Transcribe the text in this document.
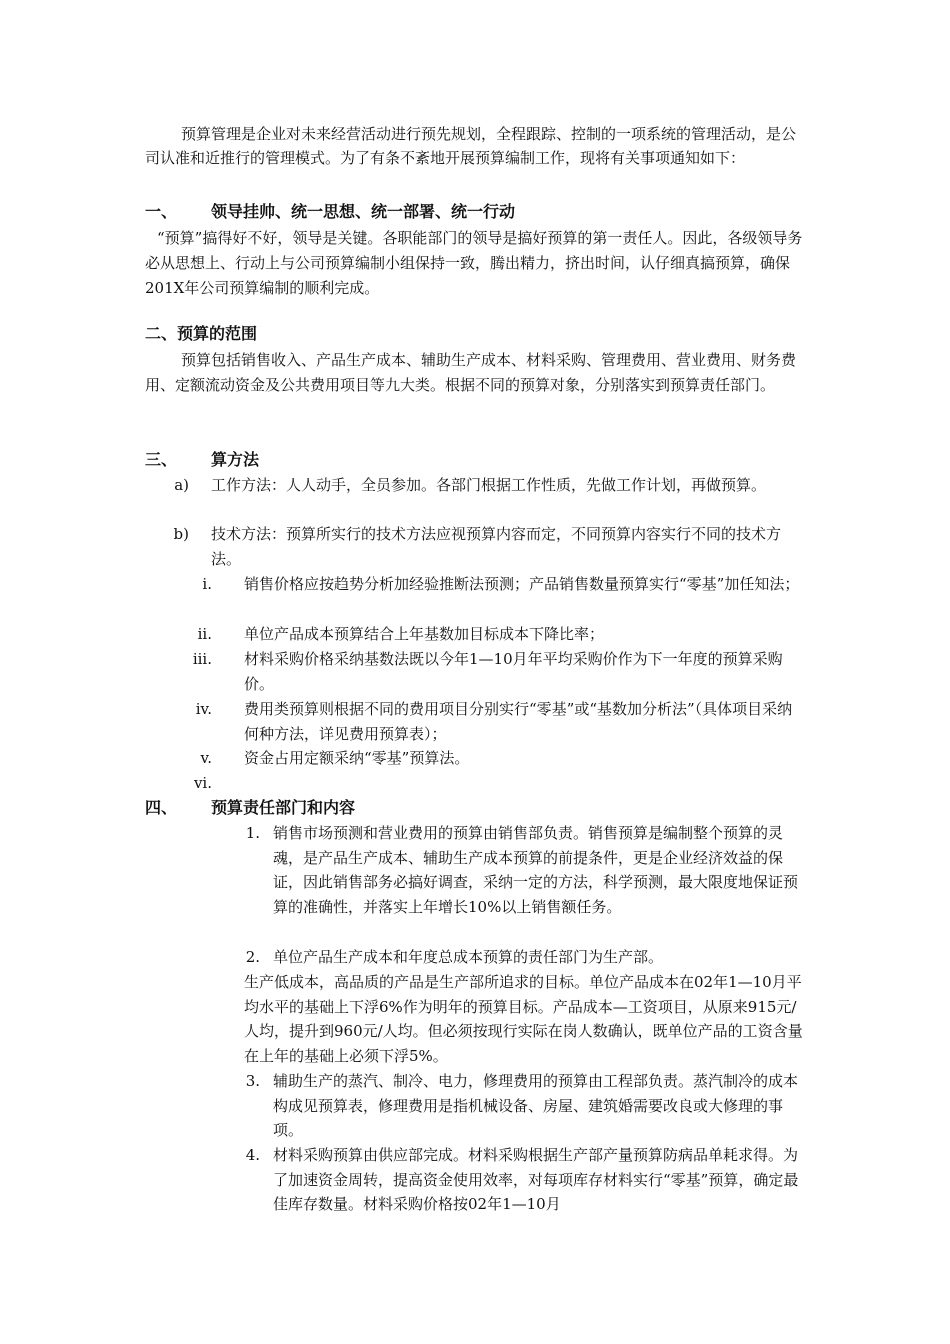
预算管理是企业对未来经营活动进行预先规划，全程跟踪、控制的一项系统的管理活动，是公司认准和近推行的管理模式。为了有条不紊地开展预算编制工作，现将有关事项通知如下：
一、 领导挂帅、统一思想、统一部署、统一行动
“预算”搞得好不好，领导是关键。各职能部门的领导是搞好预算的第一责任人。因此，各级领导务必从思想上、行动上与公司预算编制小组保持一致，腾出精力，挤出时间，认仔细真搞预算，确保201X年公司预算编制的顺利完成。
二、预算的范围
预算包括销售收入、产品生产成本、辅助生产成本、材料采购、管理费用、营业费用、财务费用、定额流动资金及公共费用项目等九大类。根据不同的预算对象，分别落实到预算责任部门。
三、 算方法
a) 工作方法：人人动手，全员参加。各部门根据工作性质，先做工作计划，再做预算。
b) 技术方法：预算所实行的技术方法应视预算内容而定，不同预算内容实行不同的技术方法。
i. 销售价格应按趋势分析加经验推断法预测；产品销售数量预算实行“零基”加任知法；
ii. 单位产品成本预算结合上年基数加目标成本下降比率；
iii. 材料采购价格采纳基数法既以今年1—10月年平均采购价作为下一年度的预算采购价。
iv. 费用类预算则根据不同的费用项目分别实行“零基”或“基数加分析法”（具体项目采纳何种方法，详见费用预算表）；
v. 资金占用定额采纳“零基”预算法。
vi.
四、 预算责任部门和内容
1. 销售市场预测和营业费用的预算由销售部负责。销售预算是编制整个预算的灵魂，是产品生产成本、辅助生产成本预算的前提条件，更是企业经济效益的保证，因此销售部务必搞好调查，采纳一定的方法，科学预测，最大限度地保证预算的准确性，并落实上年增长10%以上销售额任务。
2. 单位产品生产成本和年度总成本预算的责任部门为生产部。
生产低成本，高品质的产品是生产部所追求的目标。单位产品成本在02年1—10月平均水平的基础上下浮6%作为明年的预算目标。产品成本—工资项目，从原来915元/人均，提升到960元/人均。但必须按现行实际在岗人数确认，既单位产品的工资含量在上年的基础上必须下浮5%。
3. 辅助生产的蒸汽、制冷、电力，修理费用的预算由工程部负责。蒸汽制冷的成本构成见预算表，修理费用是指机械设备、房屋、建筑婚需要改良或大修理的事项。
4. 材料采购预算由供应部完成。材料采购根据生产部产量预算防病品单耗求得。为了加速资金周转，提高资金使用效率，对每项库存材料实行“零基”预算，确定最佳库存数量。材料采购价格按02年1—10月
